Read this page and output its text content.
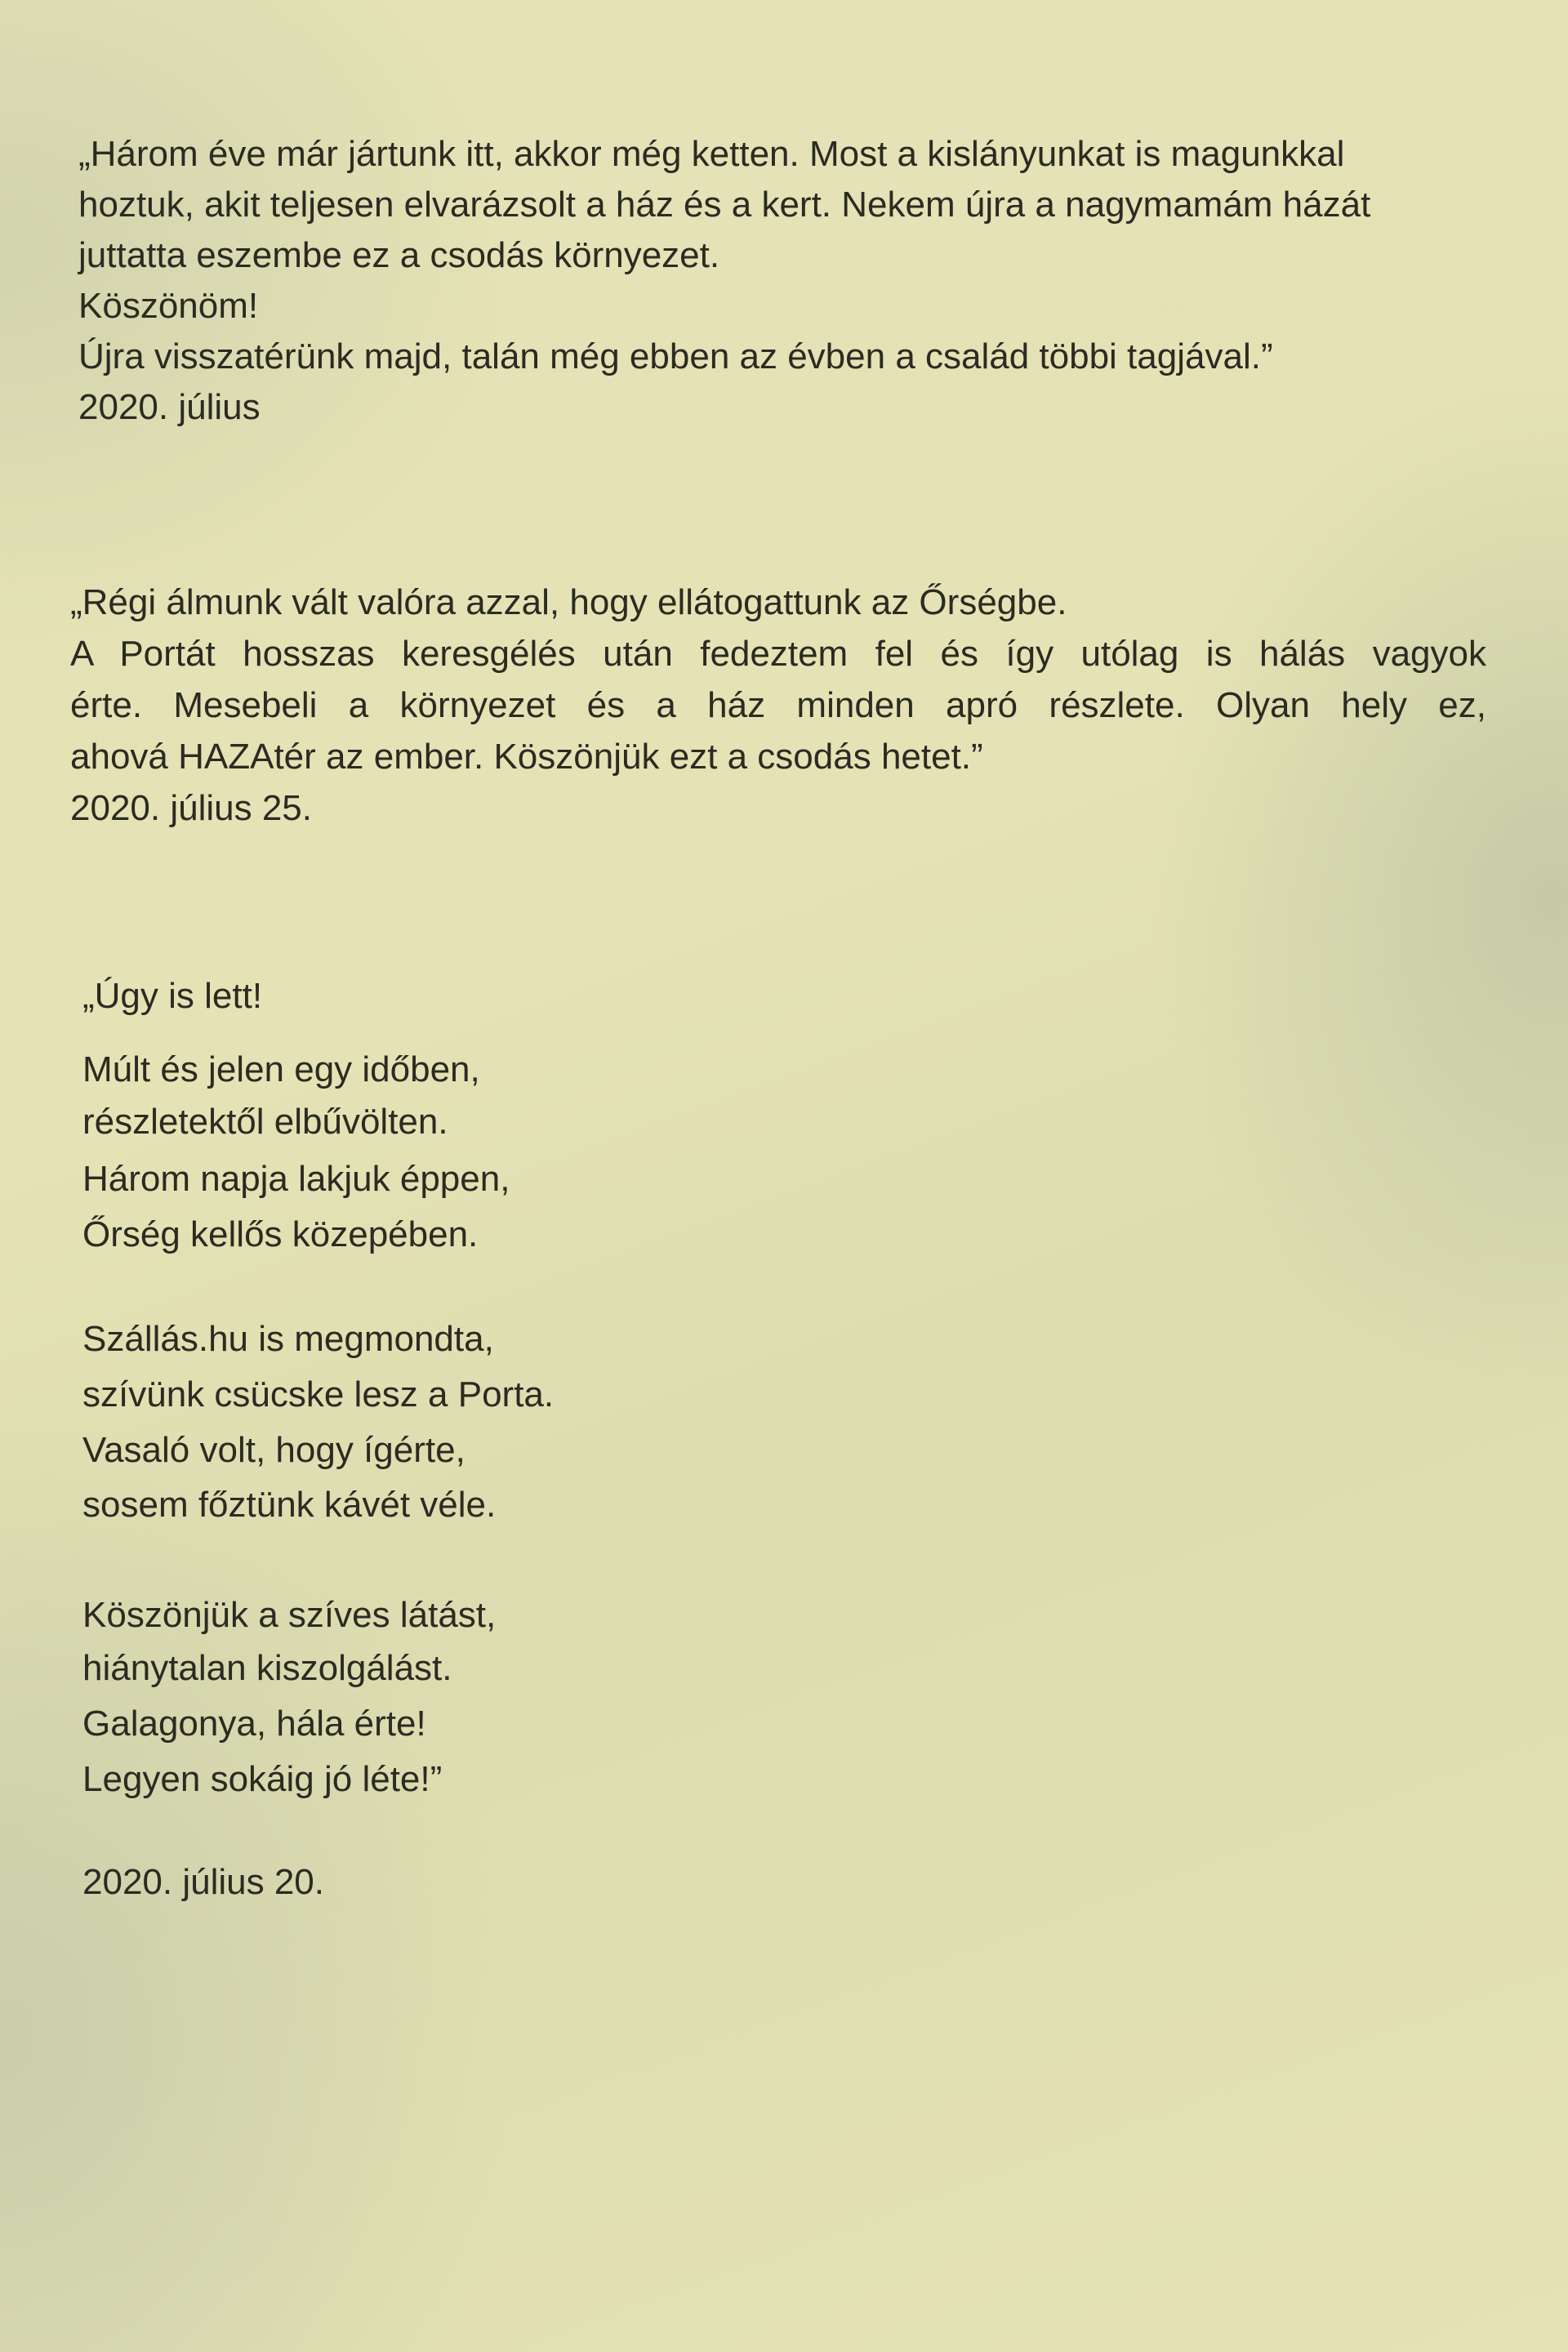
„Három éve már jártunk itt, akkor még ketten. Most a kislányunkat is magunkkal
hoztuk, akit teljesen elvarázsolt a ház és a kert. Nekem újra a nagymamám házát
juttatta eszembe ez a csodás környezet.
Köszönöm!
Újra visszatérünk majd, talán még ebben az évben a család többi tagjával.”
2020. július
„Régi álmunk vált valóra azzal, hogy ellátogattunk az Őrségbe.
A Portát hosszas keresgélés után fedeztem fel és így utólag is hálás vagyok
érte. Mesebeli a környezet és a ház minden apró részlete. Olyan hely ez,
ahová HAZAtér az ember. Köszönjük ezt a csodás hetet.”
2020. július 25.
„Úgy is lett!
Múlt és jelen egy időben,
részletektől elbűvölten.
Három napja lakjuk éppen,
Őrség kellős közepében.
Szállás.hu is megmondta,
szívünk csücske lesz a Porta.
Vasaló volt, hogy ígérte,
sosem főztünk kávét véle.
Köszönjük a szíves látást,
hiánytalan kiszolgálást.
Galagonya, hála érte!
Legyen sokáig jó léte!”
2020. július 20.
